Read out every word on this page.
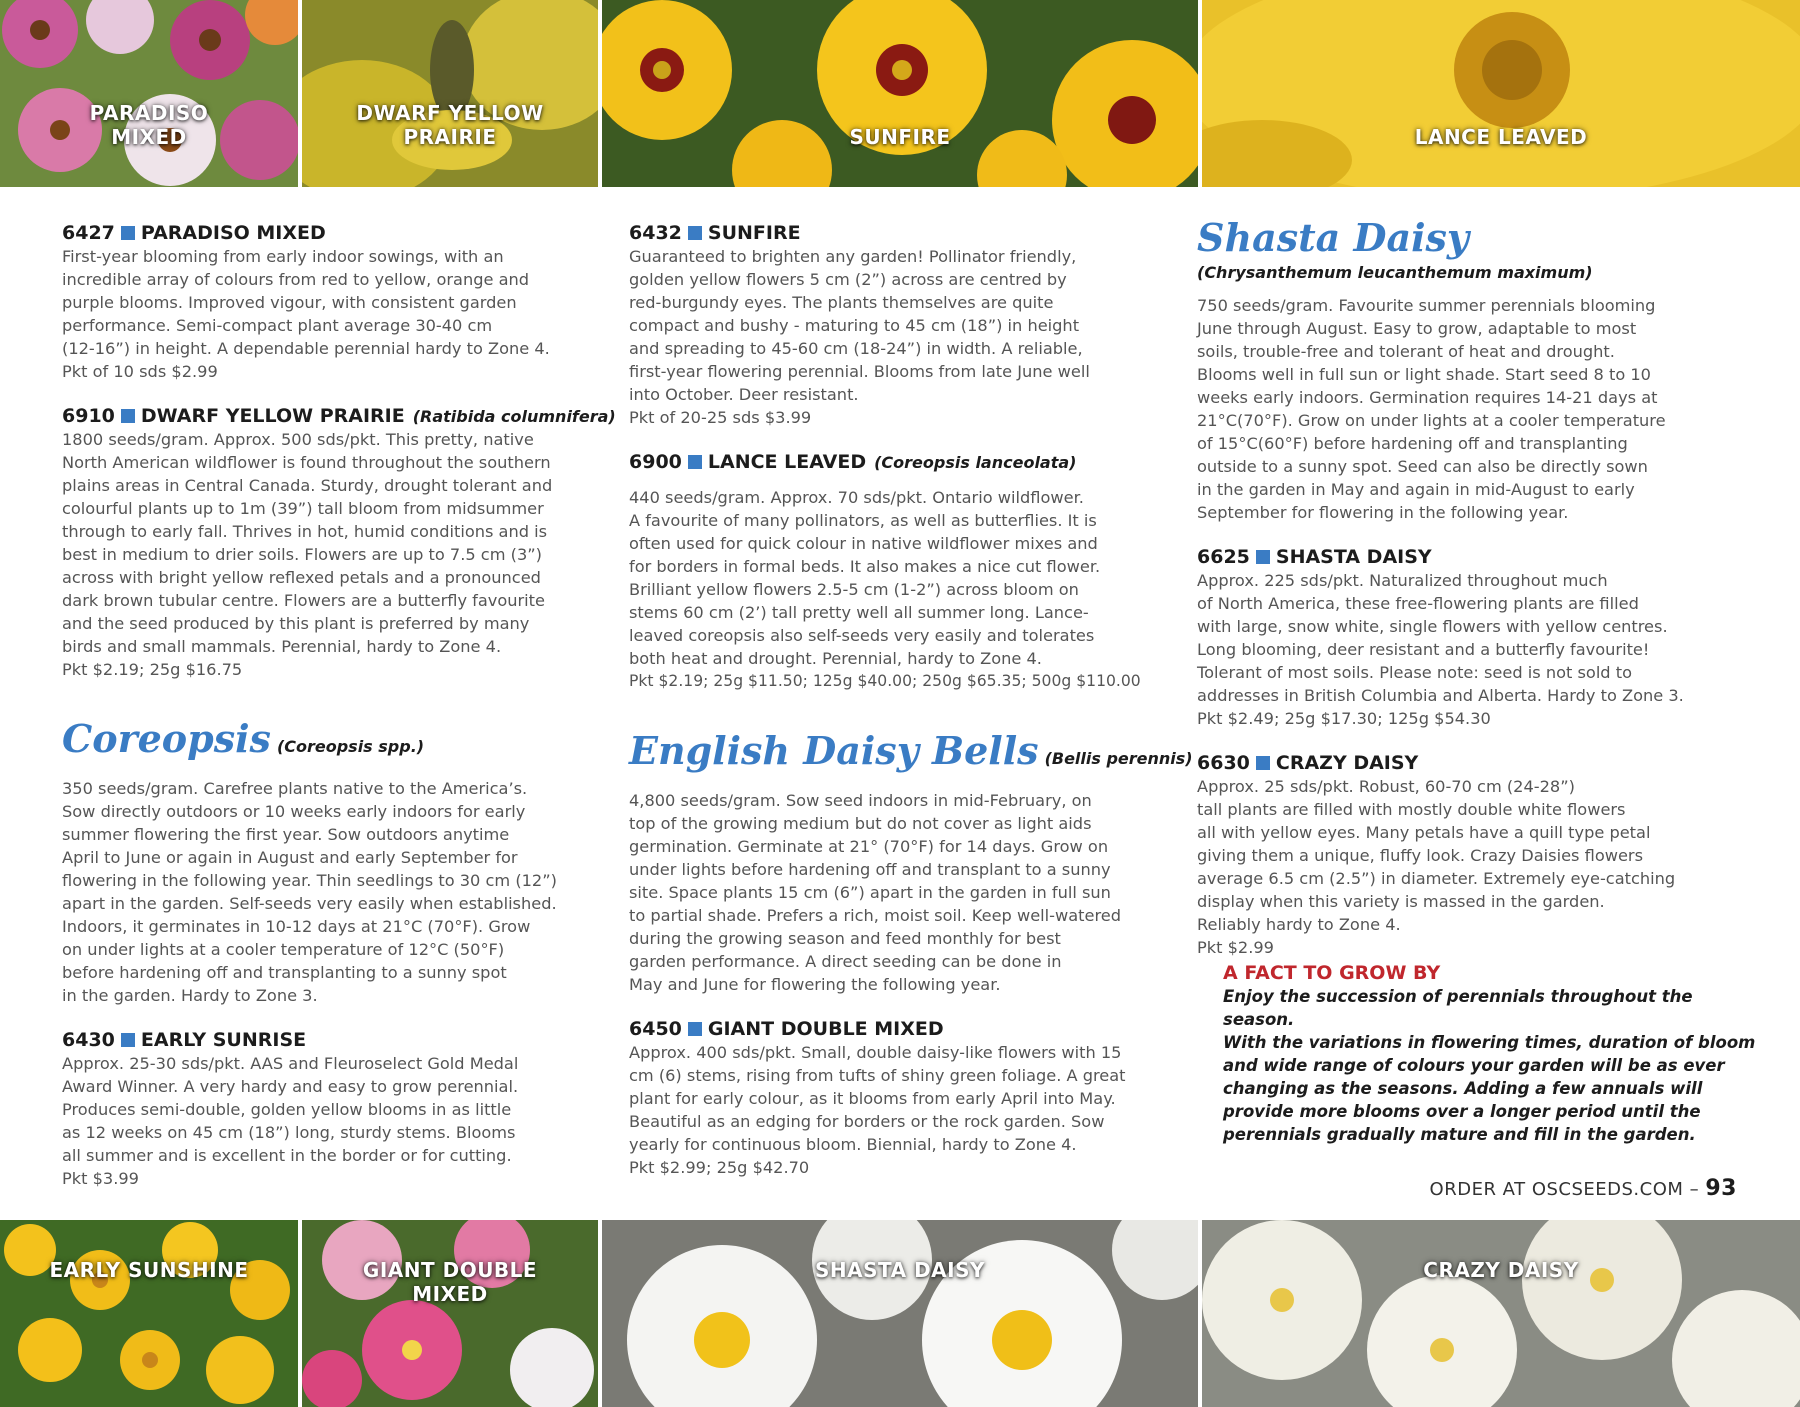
PARADISO
MIXED
DWARF YELLOW
PRAIRIE	SUNFIRE	LANCE LEAVED
6427 PARADISO MIXED
First-year blooming from early indoor sowings, with an
incredible array of colours from red to yellow, orange and
purple blooms. Improved vigour, with consistent garden
performance. Semi-compact plant average 30-40 cm
(12-16”) in height. A dependable perennial hardy to Zone 4.
Pkt of 10 sds $2.99
6910 DWARF YELLOW PRAIRIE (Ratibida columnifera)
1800 seeds/gram. Approx. 500 sds/pkt. This pretty, native
North American wildflower is found throughout the southern
plains areas in Central Canada. Sturdy, drought tolerant and
colourful plants up to 1m (39”) tall bloom from midsummer
through to early fall. Thrives in hot, humid conditions and is
best in medium to drier soils. Flowers are up to 7.5 cm (3”)
across with bright yellow reflexed petals and a pronounced
dark brown tubular centre. Flowers are a butterfly favourite
and the seed produced by this plant is preferred by many
birds and small mammals. Perennial, hardy to Zone 4.
Pkt $2.19; 25g $16.75
Coreopsis (Coreopsis spp.)
350 seeds/gram. Carefree plants native to the America’s.
Sow directly outdoors or 10 weeks early indoors for early
summer flowering the first year. Sow outdoors anytime
April to June or again in August and early September for
flowering in the following year. Thin seedlings to 30 cm (12”)
apart in the garden. Self-seeds very easily when established.
Indoors, it germinates in 10-12 days at 21°C (70°F). Grow
on under lights at a cooler temperature of 12°C (50°F)
before hardening off and transplanting to a sunny spot
in the garden. Hardy to Zone 3.
6430 EARLY SUNRISE
Approx. 25-30 sds/pkt. AAS and Fleuroselect Gold Medal
Award Winner. A very hardy and easy to grow perennial.
Produces semi-double, golden yellow blooms in as little
as 12 weeks on 45 cm (18”) long, sturdy stems. Blooms
all summer and is excellent in the border or for cutting.
Pkt $3.99
6432 SUNFIRE
Guaranteed to brighten any garden! Pollinator friendly,
golden yellow flowers 5 cm (2”) across are centred by
red-burgundy eyes. The plants themselves are quite
compact and bushy - maturing to 45 cm (18”) in height
and spreading to 45-60 cm (18-24”) in width. A reliable,
first-year flowering perennial. Blooms from late June well
into October. Deer resistant.
Pkt of 20-25 sds $3.99
6900 LANCE LEAVED (Coreopsis lanceolata)
440 seeds/gram. Approx. 70 sds/pkt. Ontario wildflower.
A favourite of many pollinators, as well as butterflies. It is
often used for quick colour in native wildflower mixes and
for borders in formal beds. It also makes a nice cut flower.
Brilliant yellow flowers 2.5-5 cm (1-2”) across bloom on
stems 60 cm (2’) tall pretty well all summer long. Lance-
leaved coreopsis also self-seeds very easily and tolerates
both heat and drought. Perennial, hardy to Zone 4.
Pkt $2.19; 25g $11.50; 125g $40.00; 250g $65.35; 500g $110.00
English Daisy Bells (Bellis perennis)
4,800 seeds/gram. Sow seed indoors in mid-February, on
top of the growing medium but do not cover as light aids
germination. Germinate at 21° (70°F) for 14 days. Grow on
under lights before hardening off and transplant to a sunny
site. Space plants 15 cm (6”) apart in the garden in full sun
to partial shade. Prefers a rich, moist soil. Keep well-watered
during the growing season and feed monthly for best
garden performance. A direct seeding can be done in
May and June for flowering the following year.
6450 GIANT DOUBLE MIXED
Approx. 400 sds/pkt. Small, double daisy-like flowers with 15
cm (6) stems, rising from tufts of shiny green foliage. A great
plant for early colour, as it blooms from early April into May.
Beautiful as an edging for borders or the rock garden. Sow
yearly for continuous bloom. Biennial, hardy to Zone 4.
Pkt $2.99; 25g $42.70
Shasta Daisy
(Chrysanthemum leucanthemum maximum)
750 seeds/gram. Favourite summer perennials blooming
June through August. Easy to grow, adaptable to most
soils, trouble-free and tolerant of heat and drought.
Blooms well in full sun or light shade. Start seed 8 to 10
weeks early indoors. Germination requires 14-21 days at
21°C(70°F). Grow on under lights at a cooler temperature
of 15°C(60°F) before hardening off and transplanting
outside to a sunny spot. Seed can also be directly sown
in the garden in May and again in mid-August to early
September for flowering in the following year.
6625 SHASTA DAISY
Approx. 225 sds/pkt. Naturalized throughout much
of North America, these free-flowering plants are filled
with large, snow white, single flowers with yellow centres.
Long blooming, deer resistant and a butterfly favourite!
Tolerant of most soils. Please note: seed is not sold to
addresses in British Columbia and Alberta. Hardy to Zone 3.
Pkt $2.49; 25g $17.30; 125g $54.30
6630 CRAZY DAISY
Approx. 25 sds/pkt. Robust, 60-70 cm (24-28”)
tall plants are filled with mostly double white flowers
all with yellow eyes. Many petals have a quill type petal
giving them a unique, fluffy look. Crazy Daisies flowers
average 6.5 cm (2.5”) in diameter. Extremely eye-catching
display when this variety is massed in the garden.
Reliably hardy to Zone 4.
Pkt $2.99
A FACT TO GROW BY
Enjoy the succession of perennials throughout the season.
With the variations in flowering times, duration of bloom
and wide range of colours your garden will be as ever
changing as the seasons. Adding a few annuals will
provide more blooms over a longer period until the
perennials gradually mature and fill in the garden.
ORDER AT OSCSEEDS.COM – 93
EARLY SUNSHINE	GIANT DOUBLE
MIXED
SHASTA DAISY	CRAZY DAISY
